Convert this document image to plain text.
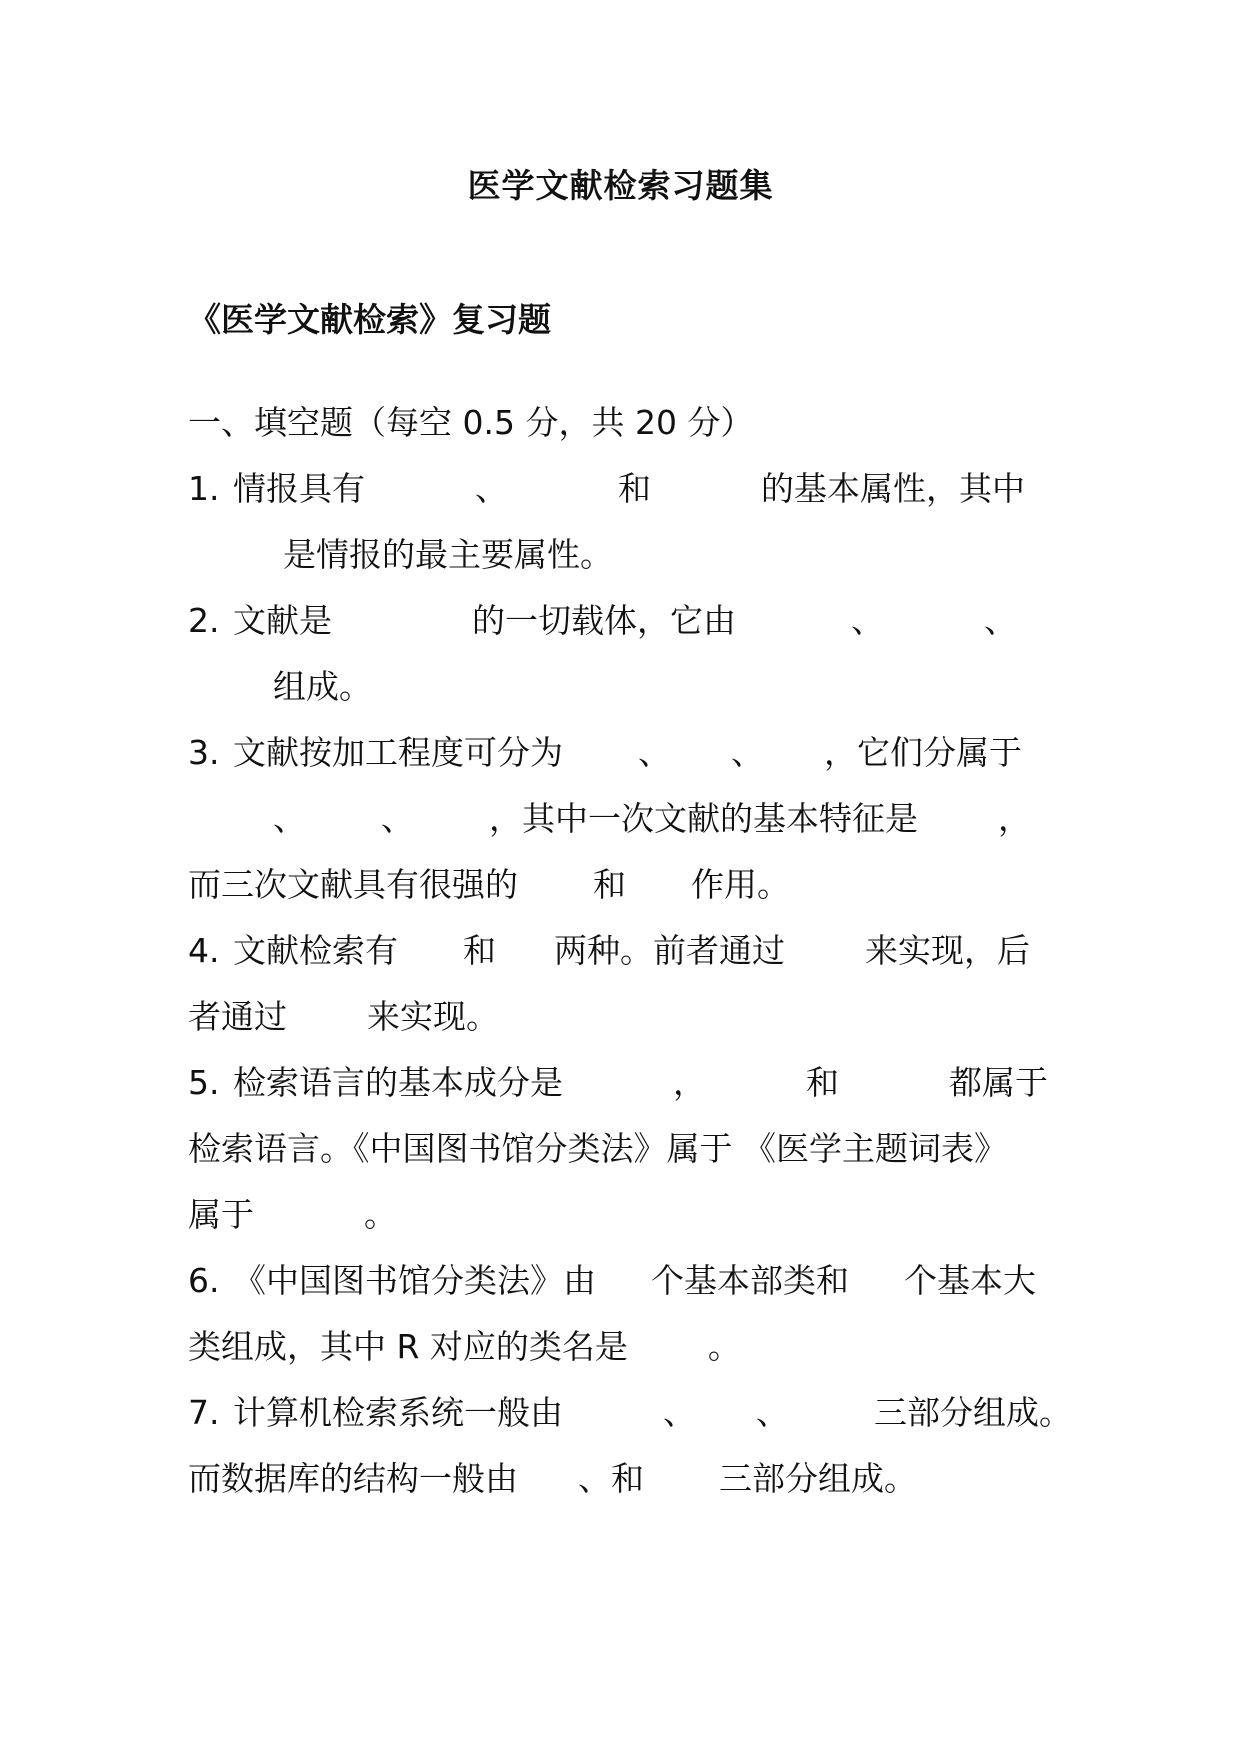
医学文献检索习题集
《医学文献检索》复习题
一、填空题（每空 0.5 分，共 20 分）
1. 情报具有	、	和	的基本属性，其中
是情报的最主要属性。
2. 文献是	的一切载体，它由	、	、
组成。
3. 文献按加工程度可分为 、 、 ，它们分属于
、 、 ，其中一次文献的基本特征是 ，
而三次文献具有很强的 和 作用。
4. 文献检索有 和 两种。前者通过 来实现，后
者通过 来实现。
5. 检索语言的基本成分是	，	和	都属于
检索语言。《中国图书馆分类法》属于 《医学主题词表》
属于	。
6. 《中国图书馆分类法》由 个基本部类和 个基本大
类组成，其中 R 对应的类名是 。
7. 计算机检索系统一般由	、 、	三部分组成。
而数据库的结构一般由 、和 三部分组成。
